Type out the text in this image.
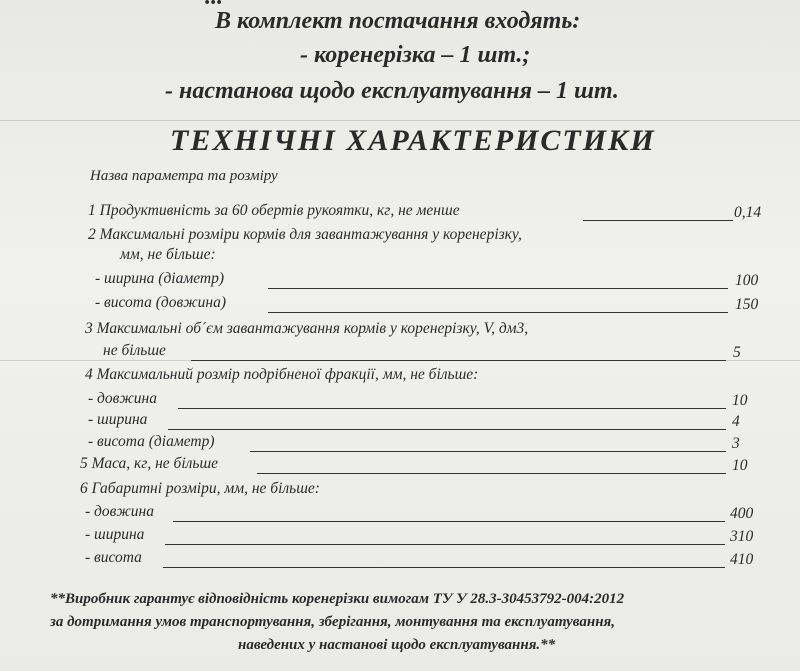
В комплект постачання входять:
- коренерізка – 1 шт.;
- настанова щодо експлуатування – 1 шт.
ТЕХНІЧНІ ХАРАКТЕРИСТИКИ
Назва параметра та розміру
1 Продуктивність за 60 обертів рукоятки, кг, не менше	0,14
2 Максимальні розміри кормів для завантажування у коренерізку,
мм, не більше:
- ширина (діаметр)	100
- висота (довжина)	150
3 Максимальні об´єм завантажування кормів у коренерізку, V, дм3,
не більше	5
4 Максимальний розмір подрібненої фракції, мм, не більше:
- довжина	10
- ширина	4
- висота (діаметр)	3
5 Маса, кг, не більше	10
6 Габаритні розміри, мм, не більше:
- довжина	400
- ширина	310
- висота	410
**Виробник гарантує відповідність коренерізки вимогам ТУ У 28.3-30453792-004:2012
за дотримання умов транспортування, зберігання, монтування та експлуатування,
наведених у настанові щодо експлуатування.**
